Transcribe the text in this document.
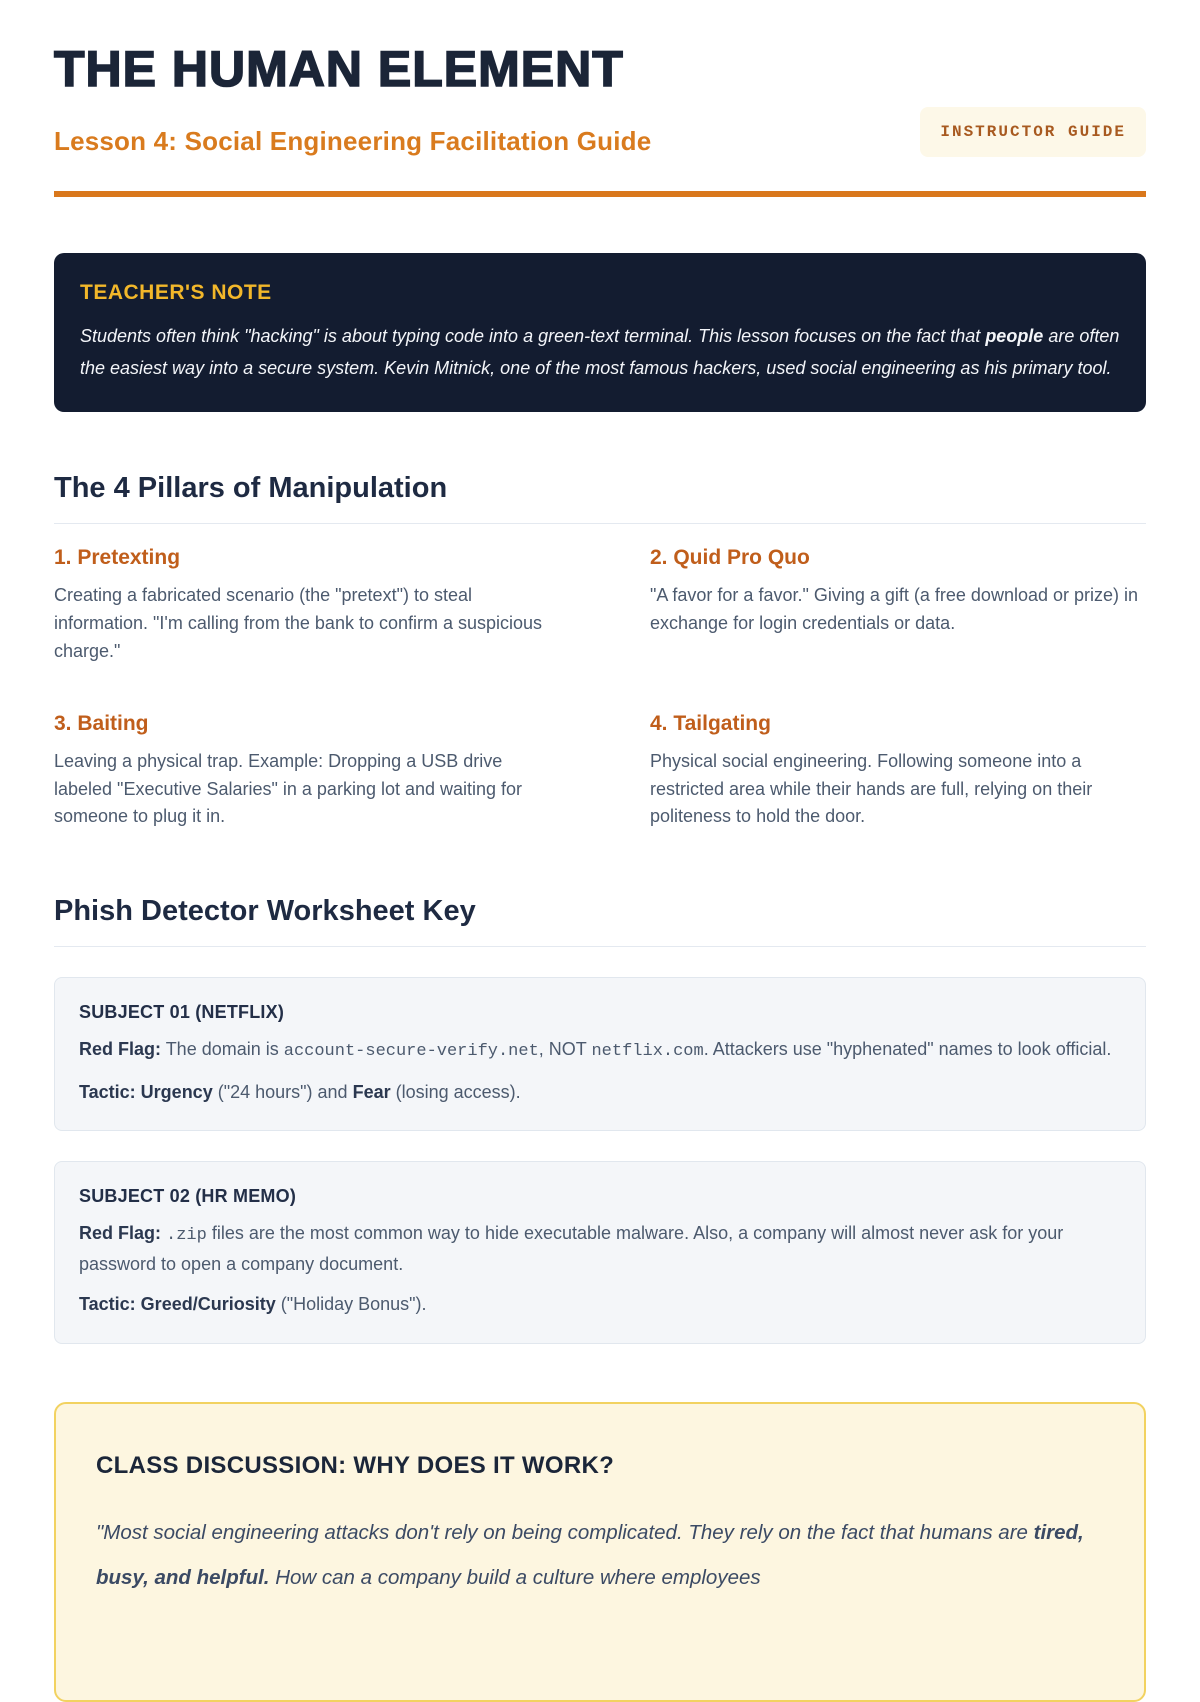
THE HUMAN ELEMENT
Lesson 4: Social Engineering Facilitation Guide	INSTRUCTOR GUIDE
TEACHER'S NOTE

Students often think "hacking" is about typing code into a green-text terminal. This lesson focuses on the fact that people are often the easiest way into a secure system. Kevin Mitnick, one of the most famous hackers, used social engineering as his primary tool.

The 4 Pillars of Manipulation
1. Pretexting

Creating a fabricated scenario (the "pretext") to steal information. "I'm calling from the bank to confirm a suspicious charge."

2. Quid Pro Quo

"A favor for a favor." Giving a gift (a free download or prize) in exchange for login credentials or data.

3. Baiting

Leaving a physical trap. Example: Dropping a USB drive labeled "Executive Salaries" in a parking lot and waiting for someone to plug it in.

4. Tailgating

Physical social engineering. Following someone into a restricted area while their hands are full, relying on their politeness to hold the door.

Phish Detector Worksheet Key
SUBJECT 01 (NETFLIX)

Red Flag: The domain is account-secure-verify.net, NOT netflix.com. Attackers use "hyphenated" names to look official.

Tactic: Urgency ("24 hours") and Fear (losing access).

SUBJECT 02 (HR MEMO)

Red Flag: .zip files are the most common way to hide executable malware. Also, a company will almost never ask for your password to open a company document.

Tactic: Greed/Curiosity ("Holiday Bonus").

CLASS DISCUSSION: WHY DOES IT WORK?

"Most social engineering attacks don't rely on being complicated. They rely on the fact that humans are tired, busy, and helpful. How can a company build a culture where employees
